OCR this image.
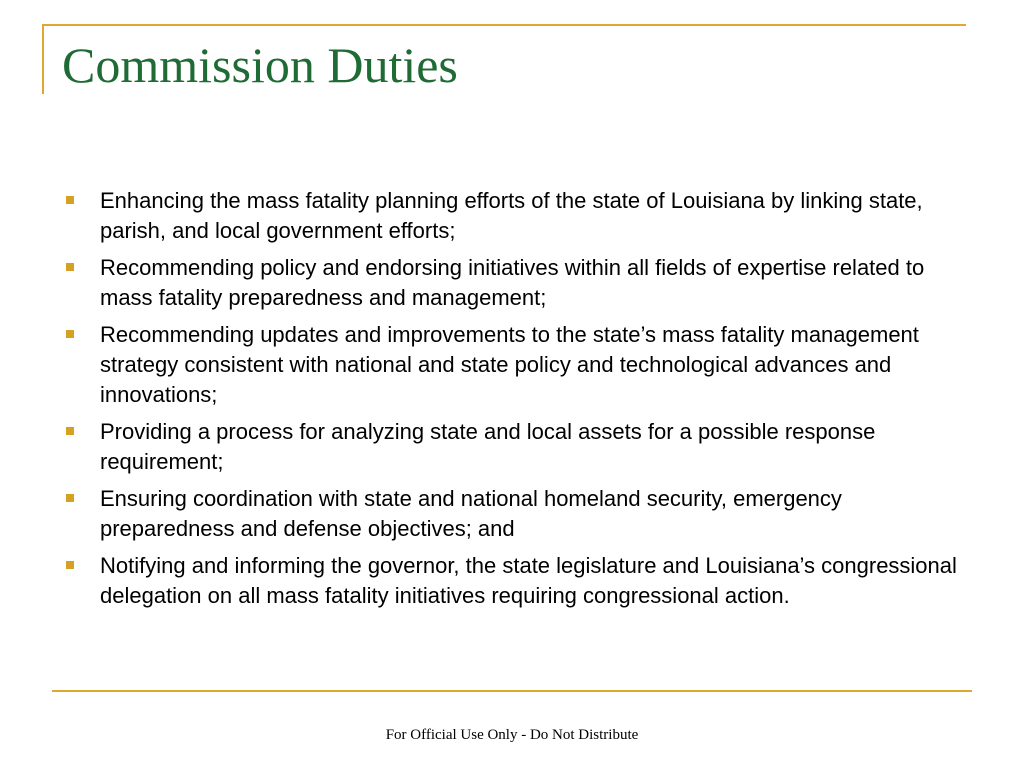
Commission Duties
Enhancing the mass fatality planning efforts of the state of Louisiana by linking state, parish, and local government efforts;
Recommending policy and endorsing initiatives within all fields of expertise related to mass fatality preparedness and management;
Recommending updates and improvements to the state’s mass fatality management strategy consistent with national and state policy and technological advances and innovations;
Providing a process for analyzing state and local assets for a possible response requirement;
Ensuring coordination with state and national homeland security, emergency preparedness and defense objectives; and
Notifying and informing the governor, the state legislature and Louisiana’s congressional delegation on all mass fatality initiatives requiring congressional action.
For Official Use Only - Do Not Distribute
